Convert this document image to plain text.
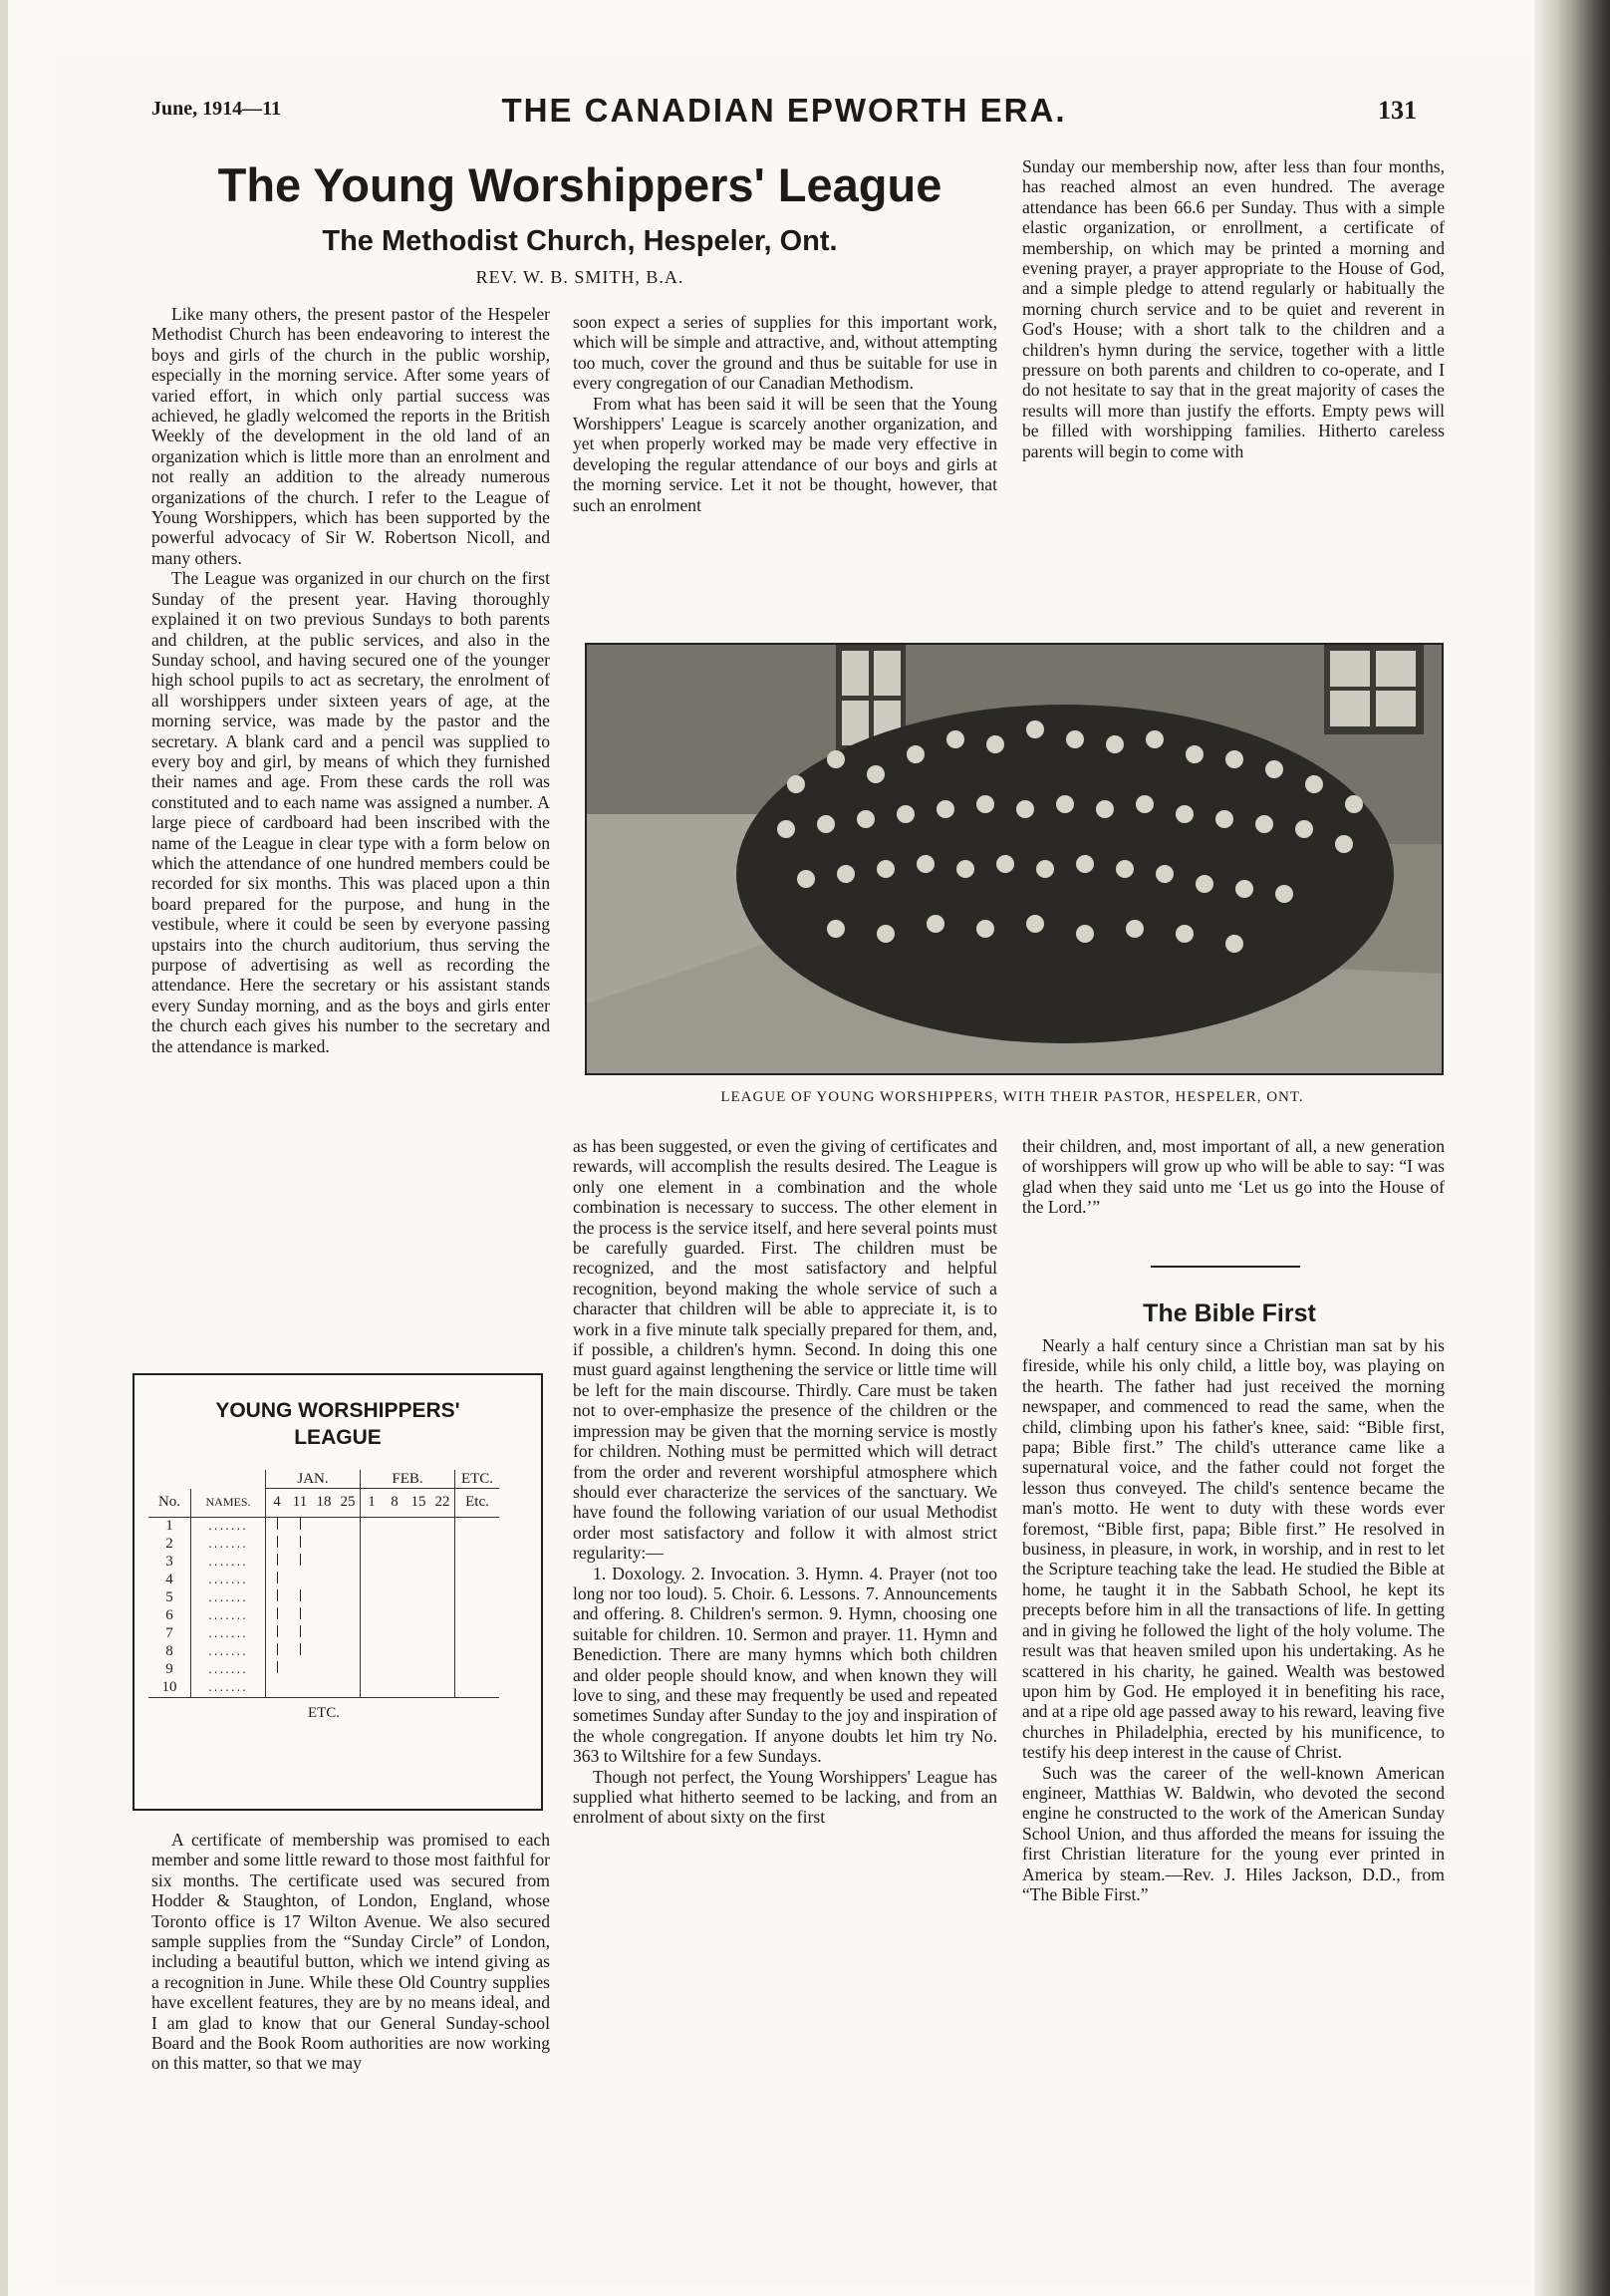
June, 1914—11	THE CANADIAN EPWORTH ERA.	131
The Young Worshippers' League
The Methodist Church, Hespeler, Ont.
REV. W. B. SMITH, B.A.

Like many others, the present pastor of the Hespeler Methodist Church has been endeavoring to interest the boys and girls of the church in the public worship, especially in the morning service. After some years of varied effort, in which only partial success was achieved, he gladly welcomed the reports in the British Weekly of the development in the old land of an organization which is little more than an enrolment and not really an addition to the already numerous organizations of the church. I refer to the League of Young Worshippers, which has been supported by the powerful advocacy of Sir W. Robertson Nicoll, and many others.

The League was organized in our church on the first Sunday of the present year. Having thoroughly explained it on two previous Sundays to both parents and children, at the public services, and also in the Sunday school, and having secured one of the younger high school pupils to act as secretary, the enrolment of all worshippers under sixteen years of age, at the morning service, was made by the pastor and the secretary. A blank card and a pencil was supplied to every boy and girl, by means of which they furnished their names and age. From these cards the roll was constituted and to each name was assigned a number. A large piece of cardboard had been inscribed with the name of the League in clear type with a form below on which the attendance of one hundred members could be recorded for six months. This was placed upon a thin board prepared for the purpose, and hung in the vestibule, where it could be seen by everyone passing upstairs into the church auditorium, thus serving the purpose of advertising as well as recording the attendance. Here the secretary or his assistant stands every Sunday morning, and as the boys and girls enter the church each gives his number to the secretary and the attendance is marked.

soon expect a series of supplies for this important work, which will be simple and attractive, and, without attempting too much, cover the ground and thus be suitable for use in every congregation of our Canadian Methodism.

From what has been said it will be seen that the Young Worshippers' League is scarcely another organization, and yet when properly worked may be made very effective in developing the regular attendance of our boys and girls at the morning service. Let it not be thought, however, that such an enrolment

Sunday our membership now, after less than four months, has reached almost an even hundred. The average attendance has been 66.6 per Sunday. Thus with a simple elastic organization, or enrollment, a certificate of membership, on which may be printed a morning and evening prayer, a prayer appropriate to the House of God, and a simple pledge to attend regularly or habitually the morning church service and to be quiet and reverent in God's House; with a short talk to the children and a children's hymn during the service, together with a little pressure on both parents and children to co-operate, and I do not hesitate to say that in the great majority of cases the results will more than justify the efforts. Empty pews will be filled with worshipping families. Hitherto careless parents will begin to come with

LEAGUE OF YOUNG WORSHIPPERS, WITH THEIR PASTOR, HESPELER, ONT.
YOUNG WORSHIPPERS'
LEAGUE
		JAN.				FEB.				ETC.
No.	NAMES.	4	11	18	25	1	8	15	22	Etc.
1	․․․․․․․									
2	․․․․․․․									
3	․․․․․․․									
4	․․․․․․․									
5	․․․․․․․									
6	․․․․․․․									
7	․․․․․․․									
8	․․․․․․․									
9	․․․․․․․									
10	․․․․․․․									
ETC.										

A certificate of membership was promised to each member and some little reward to those most faithful for six months. The certificate used was secured from Hodder & Staughton, of London, England, whose Toronto office is 17 Wilton Avenue. We also secured sample supplies from the “Sunday Circle” of London, including a beautiful button, which we intend giving as a recognition in June. While these Old Country supplies have excellent features, they are by no means ideal, and I am glad to know that our General Sunday-school Board and the Book Room authorities are now working on this matter, so that we may

as has been suggested, or even the giving of certificates and rewards, will accomplish the results desired. The League is only one element in a combination and the whole combination is necessary to success. The other element in the process is the service itself, and here several points must be carefully guarded. First. The children must be recognized, and the most satisfactory and helpful recognition, beyond making the whole service of such a character that children will be able to appreciate it, is to work in a five minute talk specially prepared for them, and, if possible, a children's hymn. Second. In doing this one must guard against lengthening the service or little time will be left for the main discourse. Thirdly. Care must be taken not to over-emphasize the presence of the children or the impression may be given that the morning service is mostly for children. Nothing must be permitted which will detract from the order and reverent worshipful atmosphere which should ever characterize the services of the sanctuary. We have found the following variation of our usual Methodist order most satisfactory and follow it with almost strict regularity:—

1. Doxology. 2. Invocation. 3. Hymn. 4. Prayer (not too long nor too loud). 5. Choir. 6. Lessons. 7. Announcements and offering. 8. Children's sermon. 9. Hymn, choosing one suitable for children. 10. Sermon and prayer. 11. Hymn and Benediction. There are many hymns which both children and older people should know, and when known they will love to sing, and these may frequently be used and repeated sometimes Sunday after Sunday to the joy and inspiration of the whole congregation. If anyone doubts let him try No. 363 to Wiltshire for a few Sundays.

Though not perfect, the Young Worshippers' League has supplied what hitherto seemed to be lacking, and from an enrolment of about sixty on the first

their children, and, most important of all, a new generation of worshippers will grow up who will be able to say: “I was glad when they said unto me ‘Let us go into the House of the Lord.’”

The Bible First

Nearly a half century since a Christian man sat by his fireside, while his only child, a little boy, was playing on the hearth. The father had just received the morning newspaper, and commenced to read the same, when the child, climbing upon his father's knee, said: “Bible first, papa; Bible first.” The child's utterance came like a supernatural voice, and the father could not forget the lesson thus conveyed. The child's sentence became the man's motto. He went to duty with these words ever foremost, “Bible first, papa; Bible first.” He resolved in business, in pleasure, in work, in worship, and in rest to let the Scripture teaching take the lead. He studied the Bible at home, he taught it in the Sabbath School, he kept its precepts before him in all the transactions of life. In getting and in giving he followed the light of the holy volume. The result was that heaven smiled upon his undertaking. As he scattered in his charity, he gained. Wealth was bestowed upon him by God. He employed it in benefiting his race, and at a ripe old age passed away to his reward, leaving five churches in Philadelphia, erected by his munificence, to testify his deep interest in the cause of Christ.

Such was the career of the well-known American engineer, Matthias W. Baldwin, who devoted the second engine he constructed to the work of the American Sunday School Union, and thus afforded the means for issuing the first Christian literature for the young ever printed in America by steam.—Rev. J. Hiles Jackson, D.D., from “The Bible First.”
